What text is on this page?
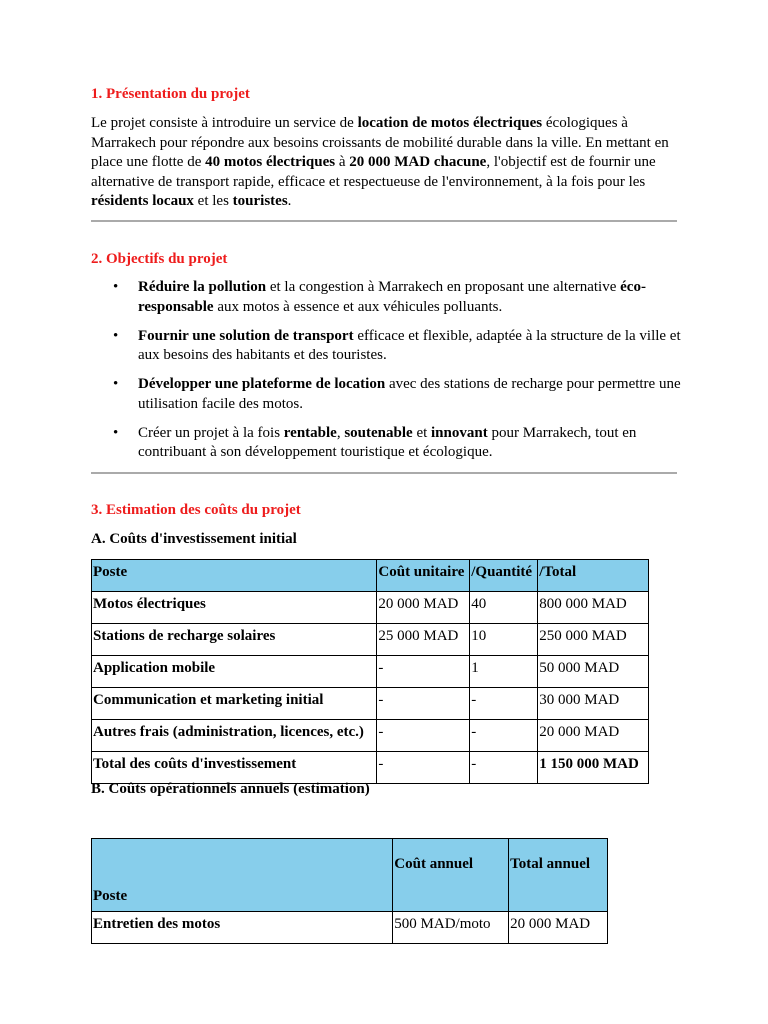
1. Présentation du projet

Le projet consiste à introduire un service de location de motos électriques écologiques à Marrakech pour répondre aux besoins croissants de mobilité durable dans la ville. En mettant en place une flotte de 40 motos électriques à 20 000 MAD chacune, l'objectif est de fournir une alternative de transport rapide, efficace et respectueuse de l'environnement, à la fois pour les résidents locaux et les touristes.

2. Objectifs du projet
• Réduire la pollution et la congestion à Marrakech en proposant une alternative éco-responsable aux motos à essence et aux véhicules polluants.
• Fournir une solution de transport efficace et flexible, adaptée à la structure de la ville et aux besoins des habitants et des touristes.
• Développer une plateforme de location avec des stations de recharge pour permettre une utilisation facile des motos.
• Créer un projet à la fois rentable, soutenable et innovant pour Marrakech, tout en contribuant à son développement touristique et écologique.
3. Estimation des coûts du projet

A. Coûts d'investissement initial

Poste	Coût unitaire	/Quantité	/Total
Motos électriques	20 000 MAD	40	800 000 MAD
Stations de recharge solaires	25 000 MAD	10	250 000 MAD
Application mobile	-	1	50 000 MAD
Communication et marketing initial	-	-	30 000 MAD
Autres frais (administration, licences, etc.)	-	-	20 000 MAD
Total des coûts d'investissement	-	-	1 150 000 MAD

B. Coûts opérationnels annuels (estimation)

Poste	Coût annuel	Total annuel
Entretien des motos	500 MAD/moto	20 000 MAD
